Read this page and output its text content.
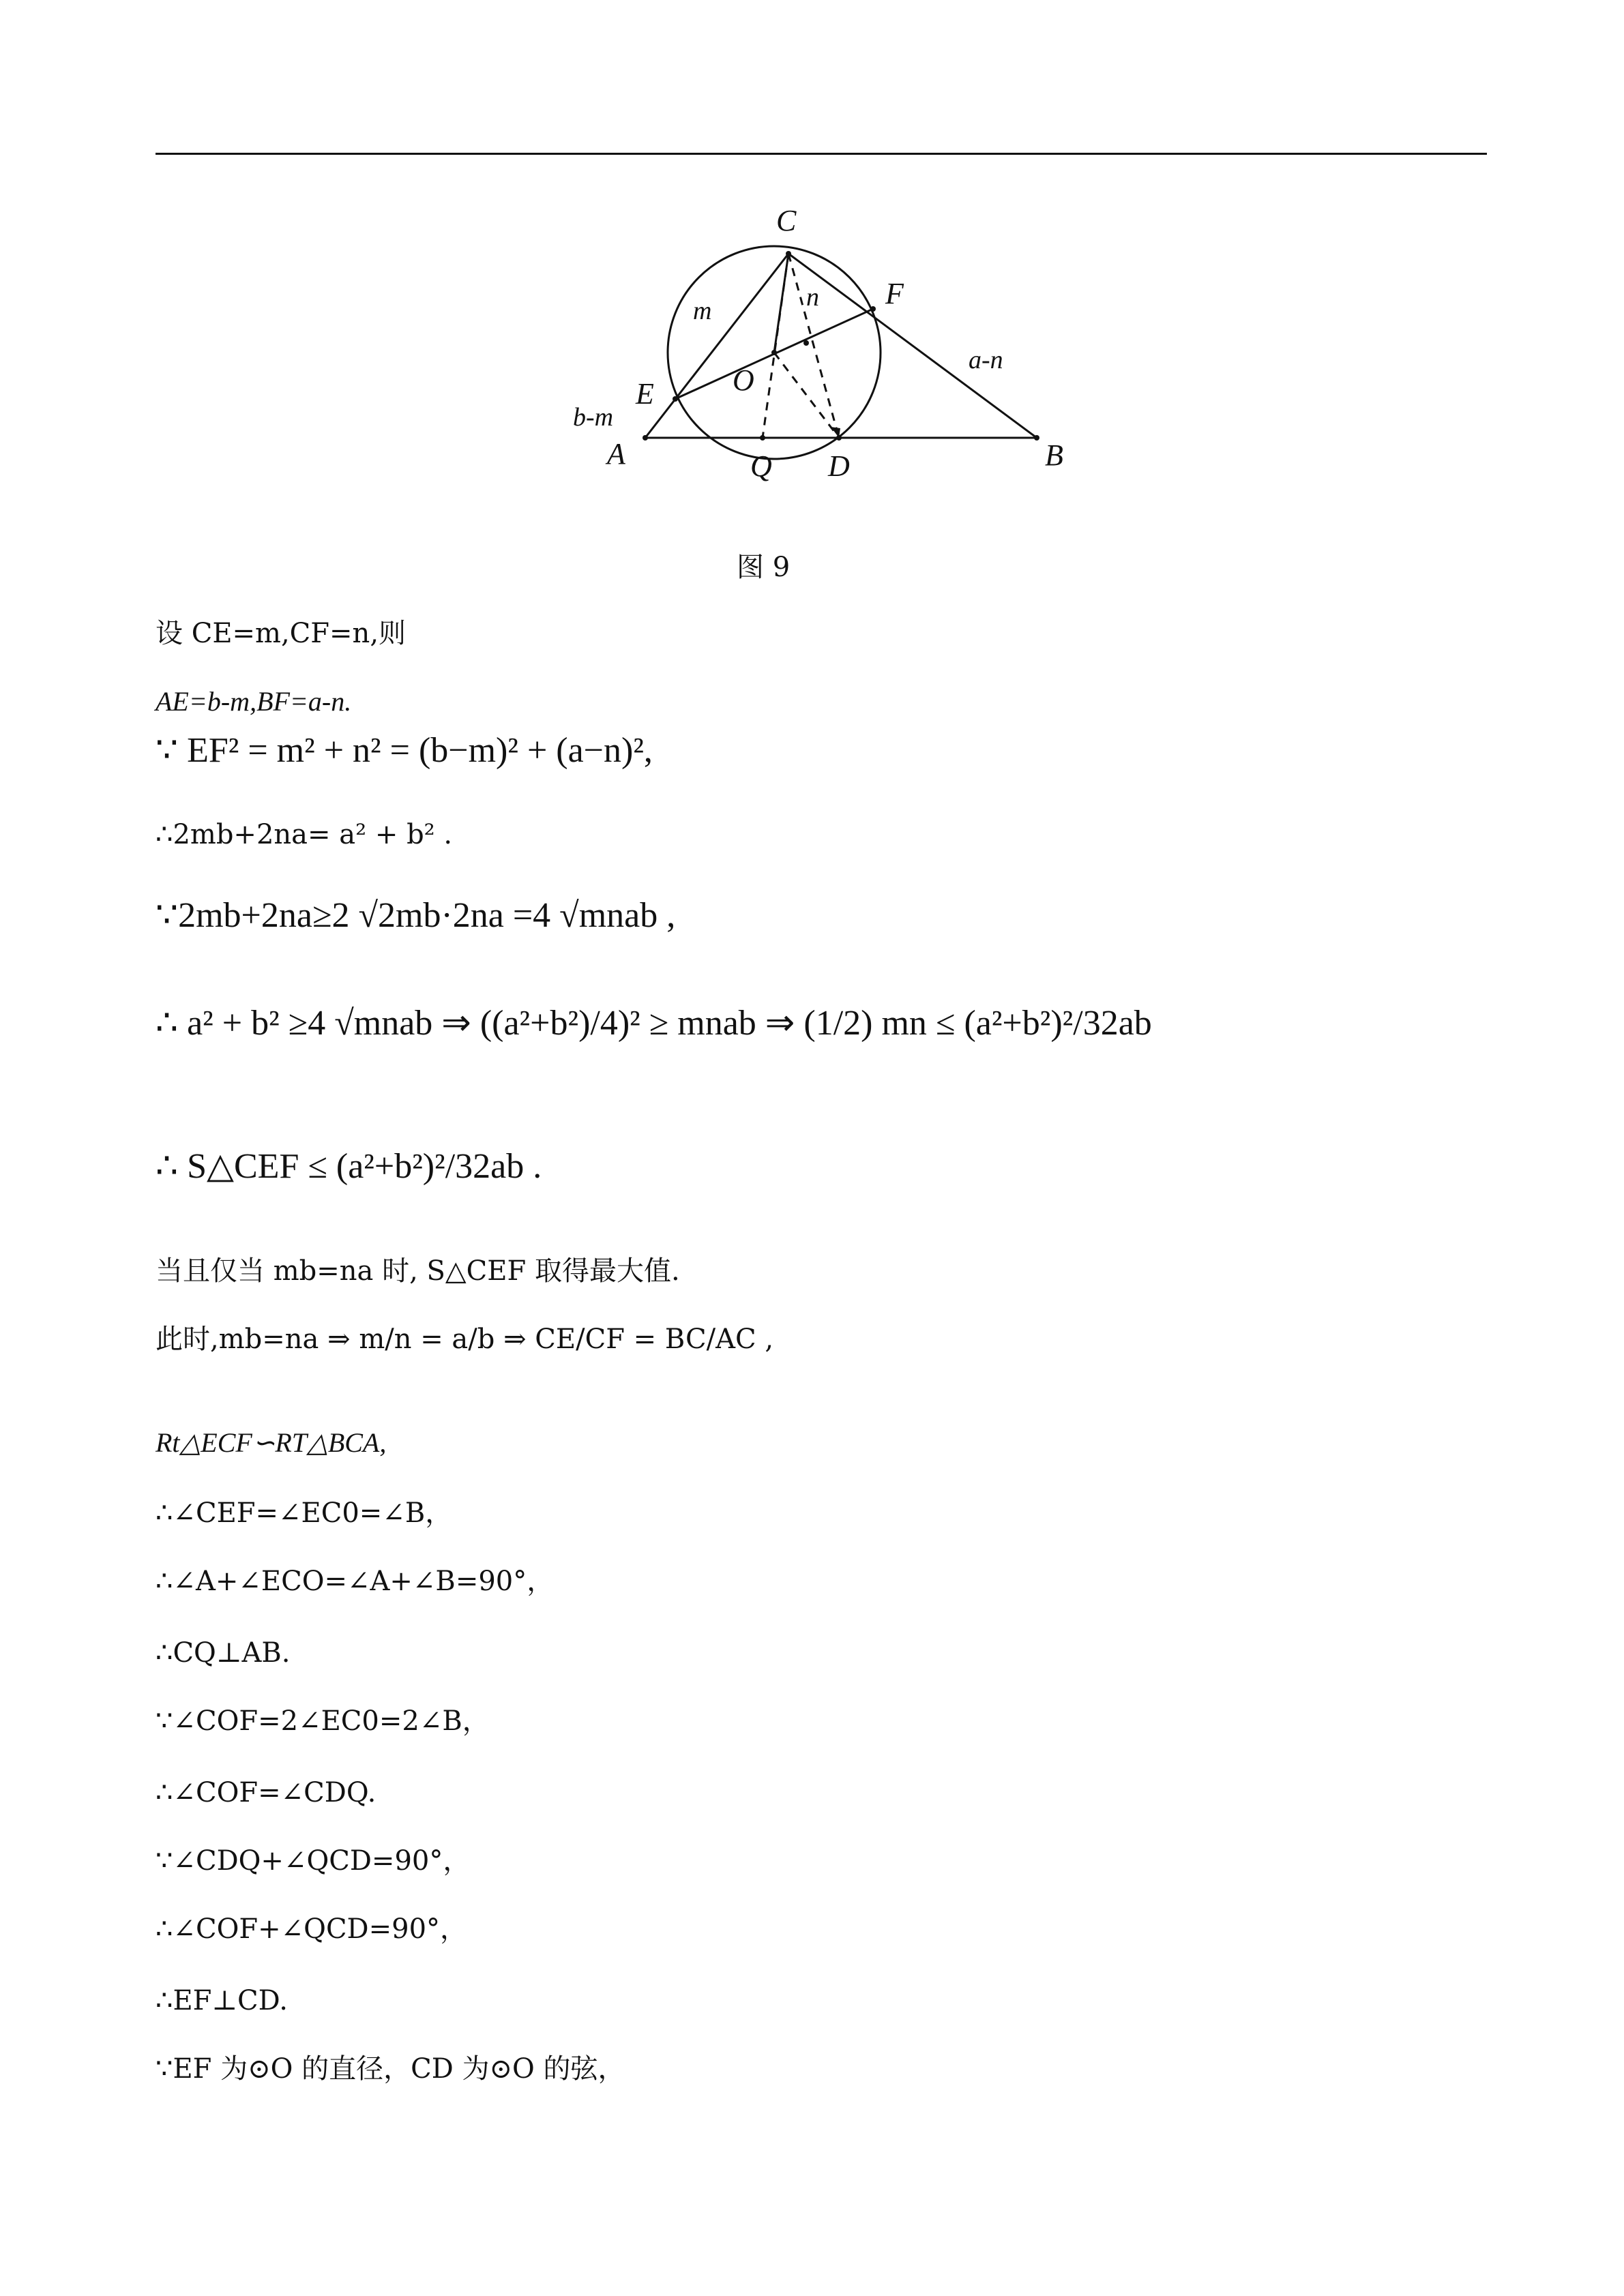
C
F
E	O
A	Q D	B
m	n
a-n
b-m
图 9
设 CE=m,CF=n,则
AE=b-m,BF=a-n.
∵ EF² = m² + n² = (b−m)² + (a−n)²,
∴2mb+2na= a² + b² .
∵2mb+2na≥2 √2mb·2na =4 √mnab ,
∴ a² + b² ≥4 √mnab ⇒ ((a²+b²)/4)² ≥ mnab ⇒ (1/2) mn ≤ (a²+b²)²/32ab
∴ S△CEF ≤ (a²+b²)²/32ab .
当且仅当 mb=na 时, S△CEF 取得最大值.
此时,mb=na ⇒ m/n = a/b ⇒ CE/CF = BC/AC ,
Rt△ECF∽RT△BCA,
∴∠CEF=∠EC0=∠B，
∴∠A+∠ECO=∠A+∠B=90°，
∴CQ⊥AB.
∵∠COF=2∠EC0=2∠B，
∴∠COF=∠CDQ.
∵∠CDQ+∠QCD=90°，
∴∠COF+∠QCD=90°，
∴EF⊥CD.
∵EF 为⊙O 的直径，CD 为⊙O 的弦，
